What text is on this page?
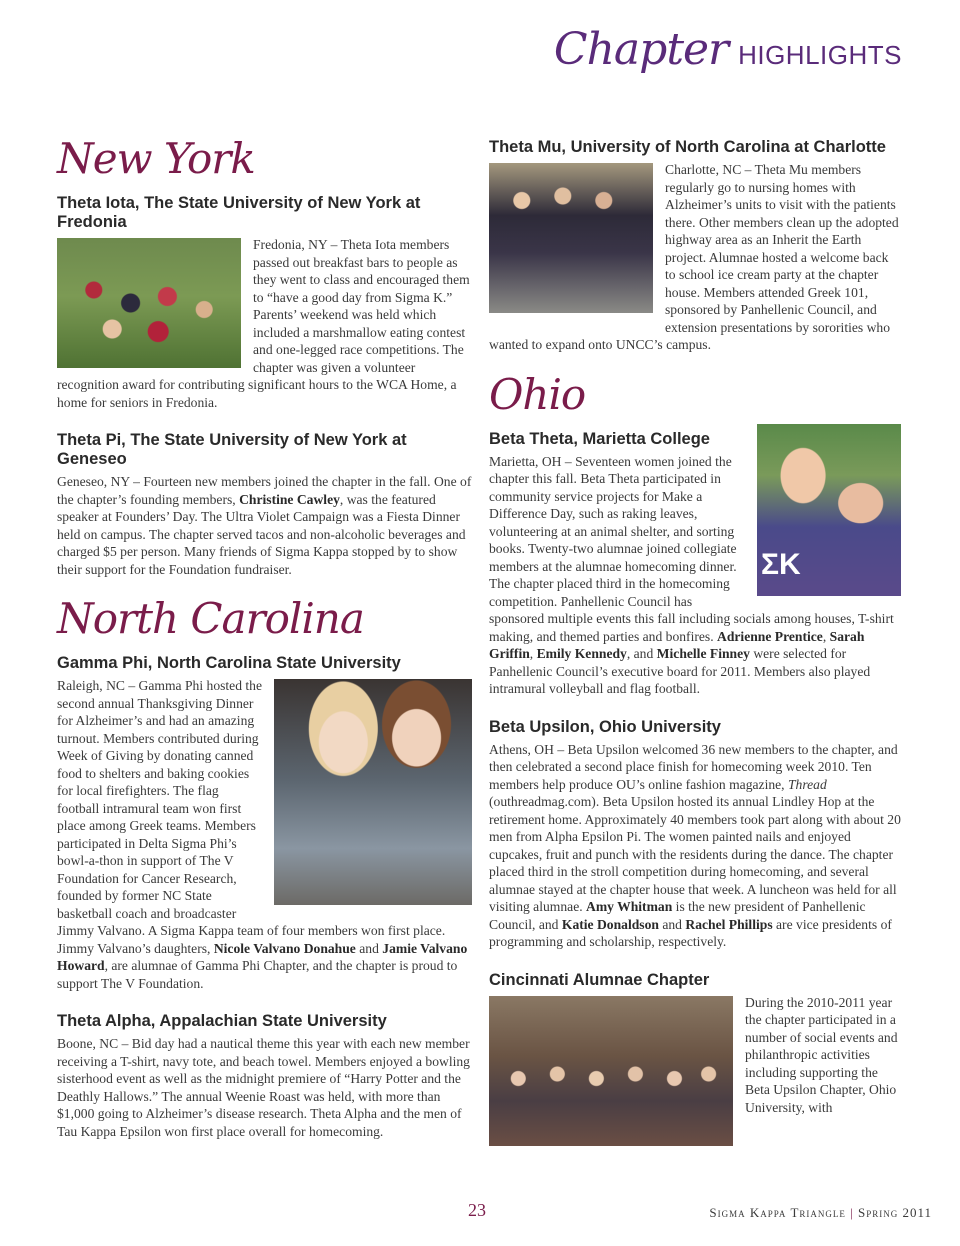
Chapter HIGHLIGHTS
New York
Theta Iota, The State University of New York at Fredonia

Fredonia, NY – Theta Iota members passed out breakfast bars to people as they went to class and encouraged them to “have a good day from Sigma K.” Parents’ weekend was held which included a marshmallow eating contest and one-legged race competitions. The chapter was given a volunteer recognition award for contributing significant hours to the WCA Home, a home for seniors in Fredonia.

Theta Pi, The State University of New York at Geneseo

Geneseo, NY – Fourteen new members joined the chapter in the fall. One of the chapter’s founding members, Christine Cawley, was the featured speaker at Founders’ Day. The Ultra Violet Campaign was a Fiesta Dinner held on campus. The chapter served tacos and non-alcoholic beverages and charged $5 per person. Many friends of Sigma Kappa stopped by to show their support for the Foundation fundraiser.

North Carolina
Gamma Phi, North Carolina State University

Raleigh, NC – Gamma Phi hosted the second annual Thanksgiving Dinner for Alzheimer’s and had an amazing turnout. Members contributed during Week of Giving by donating canned food to shelters and baking cookies for local firefighters. The flag football intramural team won first place among Greek teams. Members participated in Delta Sigma Phi’s bowl-a-thon in support of The V Foundation for Cancer Research, founded by former NC State basketball coach and broadcaster Jimmy Valvano. A Sigma Kappa team of four members won first place. Jimmy Valvano’s daughters, Nicole Valvano Donahue and Jamie Valvano Howard, are alumnae of Gamma Phi Chapter, and the chapter is proud to support The V Foundation.

Theta Alpha, Appalachian State University

Boone, NC – Bid day had a nautical theme this year with each new member receiving a T-shirt, navy tote, and beach towel. Members enjoyed a bowling sisterhood event as well as the midnight premiere of “Harry Potter and the Deathly Hallows.” The annual Weenie Roast was held, with more than $1,000 going to Alzheimer’s disease research. Theta Alpha and the men of Tau Kappa Epsilon won first place overall for homecoming.

Theta Mu, University of North Carolina at Charlotte

Charlotte, NC – Theta Mu members regularly go to nursing homes with Alzheimer’s units to visit with the patients there. Other members clean up the adopted highway area as an Inherit the Earth project. Alumnae hosted a welcome back to school ice cream party at the chapter house. Members attended Greek 101, sponsored by Panhellenic Council, and extension presentations by sororities who wanted to expand onto UNCC’s campus.

Ohio
ΣK
Beta Theta, Marietta College

Marietta, OH – Seventeen women joined the chapter this fall. Beta Theta participated in community service projects for Make a Difference Day, such as raking leaves, volunteering at an animal shelter, and sorting books. Twenty-two alumnae joined collegiate members at the alumnae homecoming dinner. The chapter placed third in the homecoming competition. Panhellenic Council has sponsored multiple events this fall including socials among houses, T-shirt making, and themed parties and bonfires. Adrienne Prentice, Sarah Griffin, Emily Kennedy, and Michelle Finney were selected for Panhellenic Council’s executive board for 2011. Members also played intramural volleyball and flag football.

Beta Upsilon, Ohio University

Athens, OH – Beta Upsilon welcomed 36 new members to the chapter, and then celebrated a second place finish for homecoming week 2010. Ten members help produce OU’s online fashion magazine, Thread (outhreadmag.com). Beta Upsilon hosted its annual Lindley Hop at the retirement home. Approximately 40 members took part along with about 20 men from Alpha Epsilon Pi. The women painted nails and enjoyed cupcakes, fruit and punch with the residents during the dance. The chapter placed third in the stroll competition during homecoming, and several alumnae stayed at the chapter house that week. A luncheon was held for all visiting alumnae. Amy Whitman is the new president of Panhellenic Council, and Katie Donaldson and Rachel Phillips are vice presidents of programming and scholarship, respectively.

Cincinnati Alumnae Chapter

During the 2010-2011 year the chapter participated in a number of social events and philanthropic activities including supporting the Beta Upsilon Chapter, Ohio University, with

23	Sigma Kappa Triangle | Spring 2011
